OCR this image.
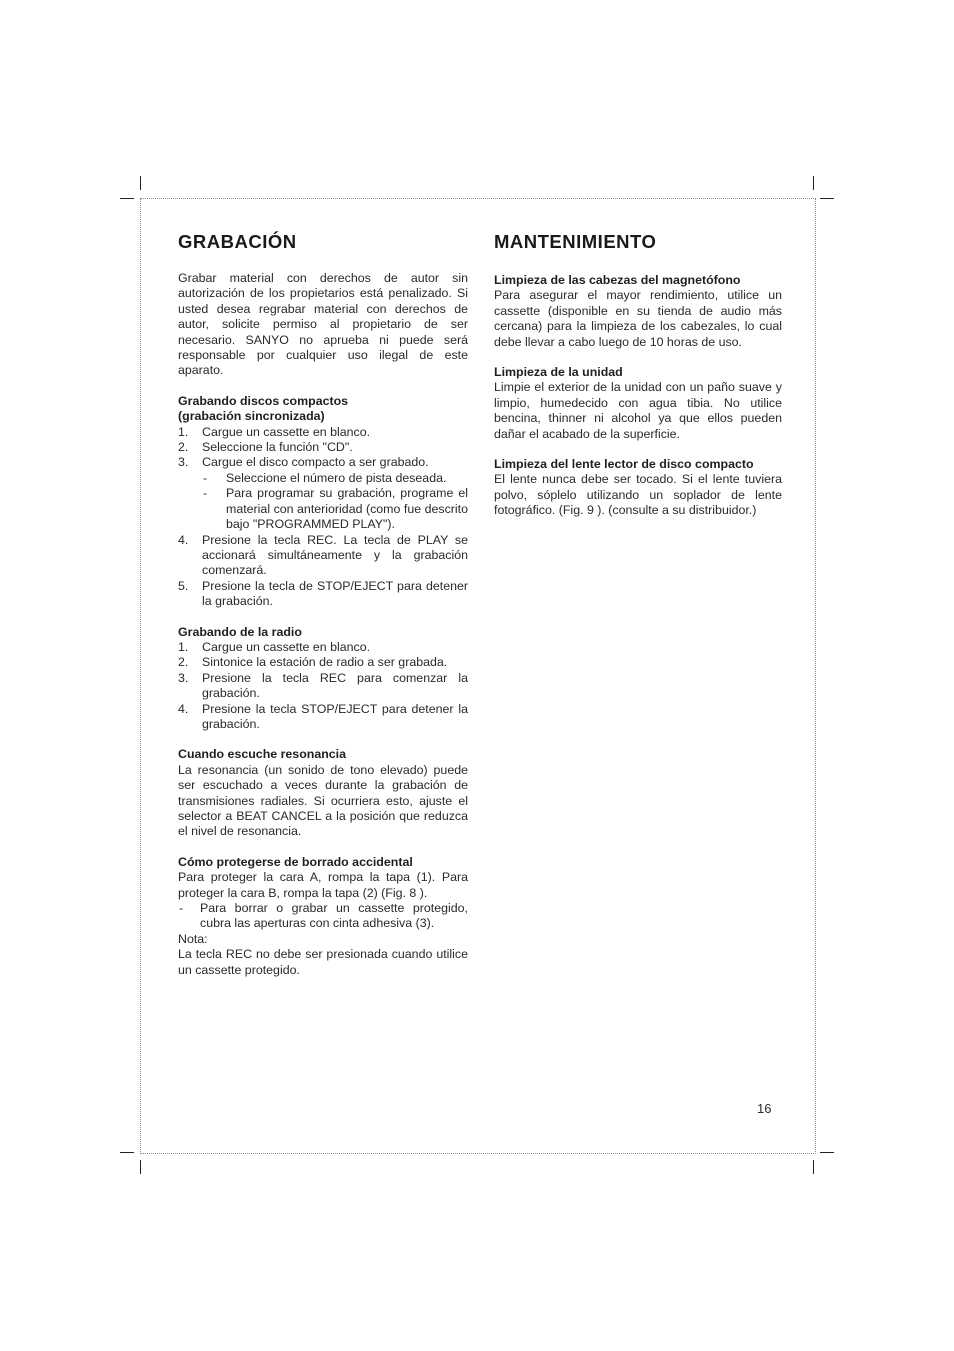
GRABACIÓN

Grabar material con derechos de autor sin autorización de los propietarios está penalizado. Si usted desea regrabar material con derechos de autor, solicite permiso al propietario de ser necesario. SANYO no aprueba ni puede será responsable por cualquier uso ilegal de este aparato.

Grabando discos compactos
(grabación sincronizada)
1. Cargue un cassette en blanco.
2. Seleccione la función "CD".
3. Cargue el disco compacto a ser grabado.
- Seleccione el número de pista deseada.
- Para programar su grabación, programe el material con anterioridad (como fue descrito bajo "PROGRAMMED PLAY").
4. Presione la tecla REC. La tecla de PLAY se accionará simultáneamente y la grabación comenzará.
5. Presione la tecla de STOP/EJECT para detener la grabación.
Grabando de la radio
1. Cargue un cassette en blanco.
2. Sintonice la estación de radio a ser grabada.
3. Presione la tecla REC para comenzar la grabación.
4. Presione la tecla STOP/EJECT para detener la grabación.
Cuando escuche resonancia

La resonancia (un sonido de tono elevado) puede ser escuchado a veces durante la grabación de transmisiones radiales. Si ocurriera esto, ajuste el selector a BEAT CANCEL a la posición que reduzca el nivel de resonancia.

Cómo protegerse de borrado accidental

Para proteger la cara A, rompa la tapa (1). Para proteger la cara B, rompa la tapa (2) (Fig. 8 ).

- Para borrar o grabar un cassette protegido, cubra las aperturas con cinta adhesiva (3).

Nota:

La tecla REC no debe ser presionada cuando utilice un cassette protegido.

MANTENIMIENTO
Limpieza de las cabezas del magnetófono

Para asegurar el mayor rendimiento, utilice un cassette (disponible en su tienda de audio más cercana) para la limpieza de los cabezales, lo cual debe llevar a cabo luego de 10 horas de uso.

Limpieza de la unidad

Limpie el exterior de la unidad con un paño suave y limpio, humedecido con agua tibia. No utilice bencina, thinner ni alcohol ya que ellos pueden dañar el acabado de la superficie.

Limpieza del lente lector de disco compacto

El lente nunca debe ser tocado. Si el lente tuviera polvo, sóplelo utilizando un soplador de lente fotográfico. (Fig. 9 ). (consulte a su distribuidor.)

16
